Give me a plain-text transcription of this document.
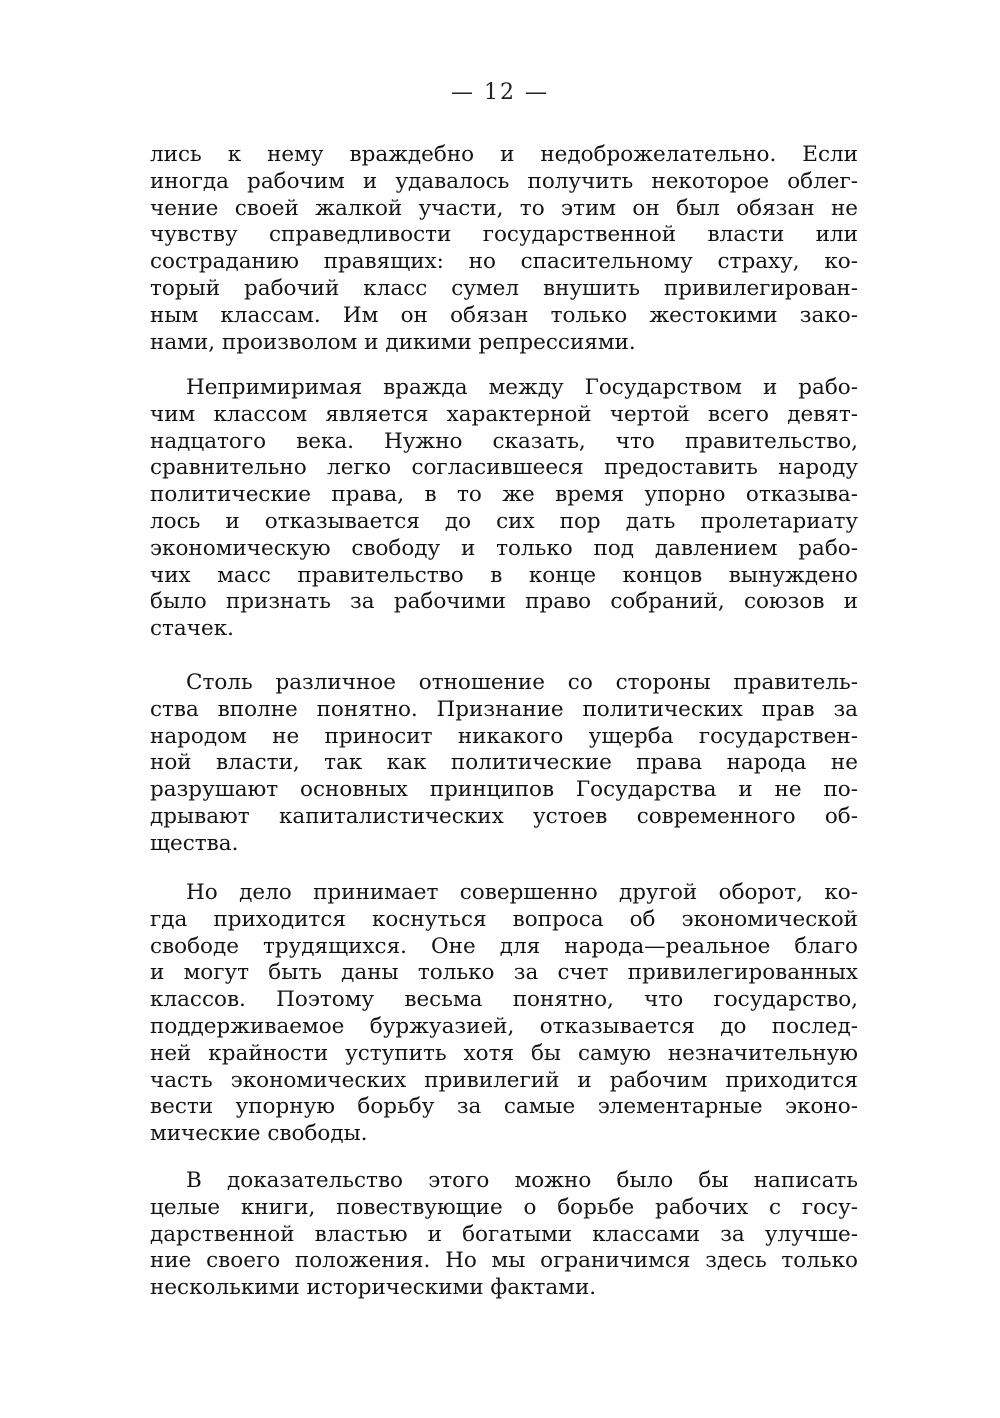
— 12 —
лись к нему враждебно и недоброжелательно. Если
иногда рабочим и удавалось получить некоторое облег-
чение своей жалкой участи, то этим он был обязан не
чувству справедливости государственной власти или
состраданию правящих: но спасительному страху, ко-
торый рабочий класс сумел внушить привилегирован-
ным классам. Им он обязан только жестокими зако-
нами, произволом и дикими репрессиями.
Непримиримая вражда между Государством и рабо-
чим классом является характерной чертой всего девят-
надцатого века. Нужно сказать, что правительство,
сравнительно легко согласившееся предоставить народу
политические права, в то же время упорно отказыва-
лось и отказывается до сих пор дать пролетариату
экономическую свободу и только под давлением рабо-
чих масс правительство в конце концов вынуждено
было признать за рабочими право собраний, союзов и
стачек.
Столь различное отношение со стороны правитель-
ства вполне понятно. Признание политических прав за
народом не приносит никакого ущерба государствен-
ной власти, так как политические права народа не
разрушают основных принципов Государства и не по-
дрывают капиталистических устоев современного об-
щества.
Но дело принимает совершенно другой оборот, ко-
гда приходится коснуться вопроса об экономической
свободе трудящихся. Оне для народа—реальное благо
и могут быть даны только за счет привилегированных
классов. Поэтому весьма понятно, что государство,
поддерживаемое буржуазией, отказывается до послед-
ней крайности уступить хотя бы самую незначительную
часть экономических привилегий и рабочим приходится
вести упорную борьбу за самые элементарные эконо-
мические свободы.
В доказательство этого можно было бы написать
целые книги, повествующие о борьбе рабочих с госу-
дарственной властью и богатыми классами за улучше-
ние своего положения. Но мы ограничимся здесь только
несколькими историческими фактами.
